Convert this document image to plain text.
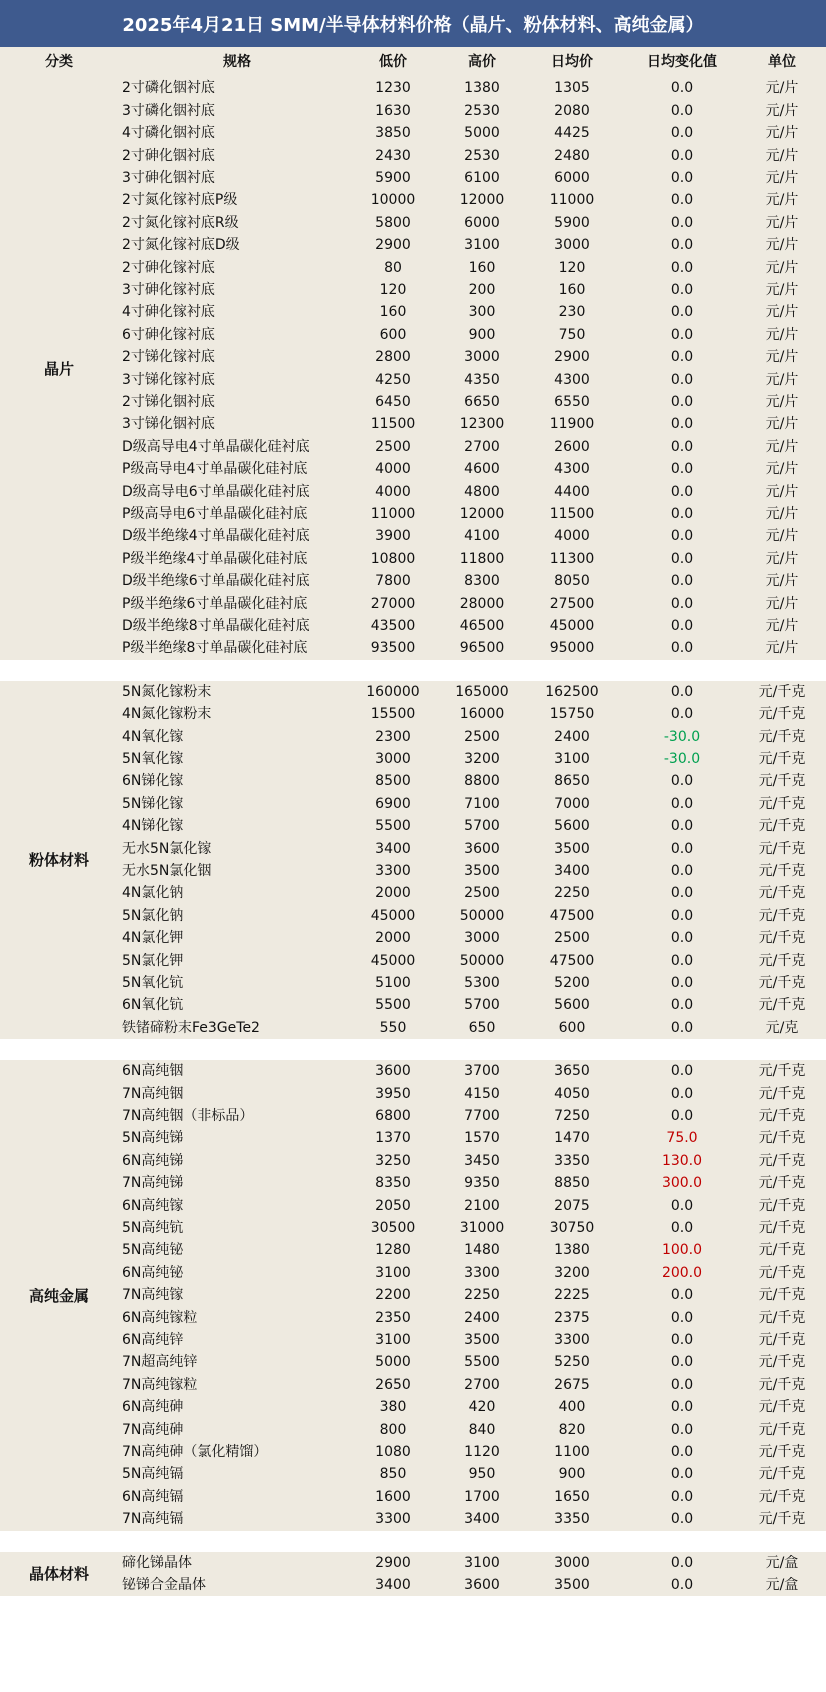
2025年4月21日 SMM/半导体材料价格（晶片、粉体材料、高纯金属）
分类	规格	低价	高价	日均价	日均变化值	单位
2寸磷化铟衬底	1230	1380	1305	0.0	元/片
3寸磷化铟衬底	1630	2530	2080	0.0	元/片
4寸磷化铟衬底	3850	5000	4425	0.0	元/片
2寸砷化铟衬底	2430	2530	2480	0.0	元/片
3寸砷化铟衬底	5900	6100	6000	0.0	元/片
2寸氮化镓衬底P级	10000	12000	11000	0.0	元/片
2寸氮化镓衬底R级	5800	6000	5900	0.0	元/片
2寸氮化镓衬底D级	2900	3100	3000	0.0	元/片
2寸砷化镓衬底	80	160	120	0.0	元/片
3寸砷化镓衬底	120	200	160	0.0	元/片
4寸砷化镓衬底	160	300	230	0.0	元/片
6寸砷化镓衬底	600	900	750	0.0	元/片
2寸锑化镓衬底	2800	3000	2900	0.0	元/片
3寸锑化镓衬底	4250	4350	4300	0.0	元/片
2寸锑化铟衬底	6450	6650	6550	0.0	元/片
3寸锑化铟衬底	11500	12300	11900	0.0	元/片
D级高导电4寸单晶碳化硅衬底	2500	2700	2600	0.0	元/片
P级高导电4寸单晶碳化硅衬底	4000	4600	4300	0.0	元/片
D级高导电6寸单晶碳化硅衬底	4000	4800	4400	0.0	元/片
P级高导电6寸单晶碳化硅衬底	11000	12000	11500	0.0	元/片
D级半绝缘4寸单晶碳化硅衬底	3900	4100	4000	0.0	元/片
P级半绝缘4寸单晶碳化硅衬底	10800	11800	11300	0.0	元/片
D级半绝缘6寸单晶碳化硅衬底	7800	8300	8050	0.0	元/片
P级半绝缘6寸单晶碳化硅衬底	27000	28000	27500	0.0	元/片
D级半绝缘8寸单晶碳化硅衬底	43500	46500	45000	0.0	元/片
P级半绝缘8寸单晶碳化硅衬底	93500	96500	95000	0.0	元/片
晶片
5N氮化镓粉末	160000	165000	162500	0.0	元/千克
4N氮化镓粉末	15500	16000	15750	0.0	元/千克
4N氧化镓	2300	2500	2400	-30.0	元/千克
5N氧化镓	3000	3200	3100	-30.0	元/千克
6N锑化镓	8500	8800	8650	0.0	元/千克
5N锑化镓	6900	7100	7000	0.0	元/千克
4N锑化镓	5500	5700	5600	0.0	元/千克
无水5N氯化镓	3400	3600	3500	0.0	元/千克
无水5N氯化铟	3300	3500	3400	0.0	元/千克
4N氯化钠	2000	2500	2250	0.0	元/千克
5N氯化钠	45000	50000	47500	0.0	元/千克
4N氯化钾	2000	3000	2500	0.0	元/千克
5N氯化钾	45000	50000	47500	0.0	元/千克
5N氧化钪	5100	5300	5200	0.0	元/千克
6N氧化钪	5500	5700	5600	0.0	元/千克
铁锗碲粉末Fe3GeTe2	550	650	600	0.0	元/克
粉体材料
6N高纯铟	3600	3700	3650	0.0	元/千克
7N高纯铟	3950	4150	4050	0.0	元/千克
7N高纯铟（非标品）	6800	7700	7250	0.0	元/千克
5N高纯锑	1370	1570	1470	75.0	元/千克
6N高纯锑	3250	3450	3350	130.0	元/千克
7N高纯锑	8350	9350	8850	300.0	元/千克
6N高纯镓	2050	2100	2075	0.0	元/千克
5N高纯钪	30500	31000	30750	0.0	元/千克
5N高纯铋	1280	1480	1380	100.0	元/千克
6N高纯铋	3100	3300	3200	200.0	元/千克
7N高纯镓	2200	2250	2225	0.0	元/千克
6N高纯镓粒	2350	2400	2375	0.0	元/千克
6N高纯锌	3100	3500	3300	0.0	元/千克
7N超高纯锌	5000	5500	5250	0.0	元/千克
7N高纯镓粒	2650	2700	2675	0.0	元/千克
6N高纯砷	380	420	400	0.0	元/千克
7N高纯砷	800	840	820	0.0	元/千克
7N高纯砷（氯化精馏）	1080	1120	1100	0.0	元/千克
5N高纯镉	850	950	900	0.0	元/千克
6N高纯镉	1600	1700	1650	0.0	元/千克
7N高纯镉	3300	3400	3350	0.0	元/千克
高纯金属
碲化锑晶体	2900	3100	3000	0.0	元/盒
铋锑合金晶体	3400	3600	3500	0.0	元/盒
晶体材料
